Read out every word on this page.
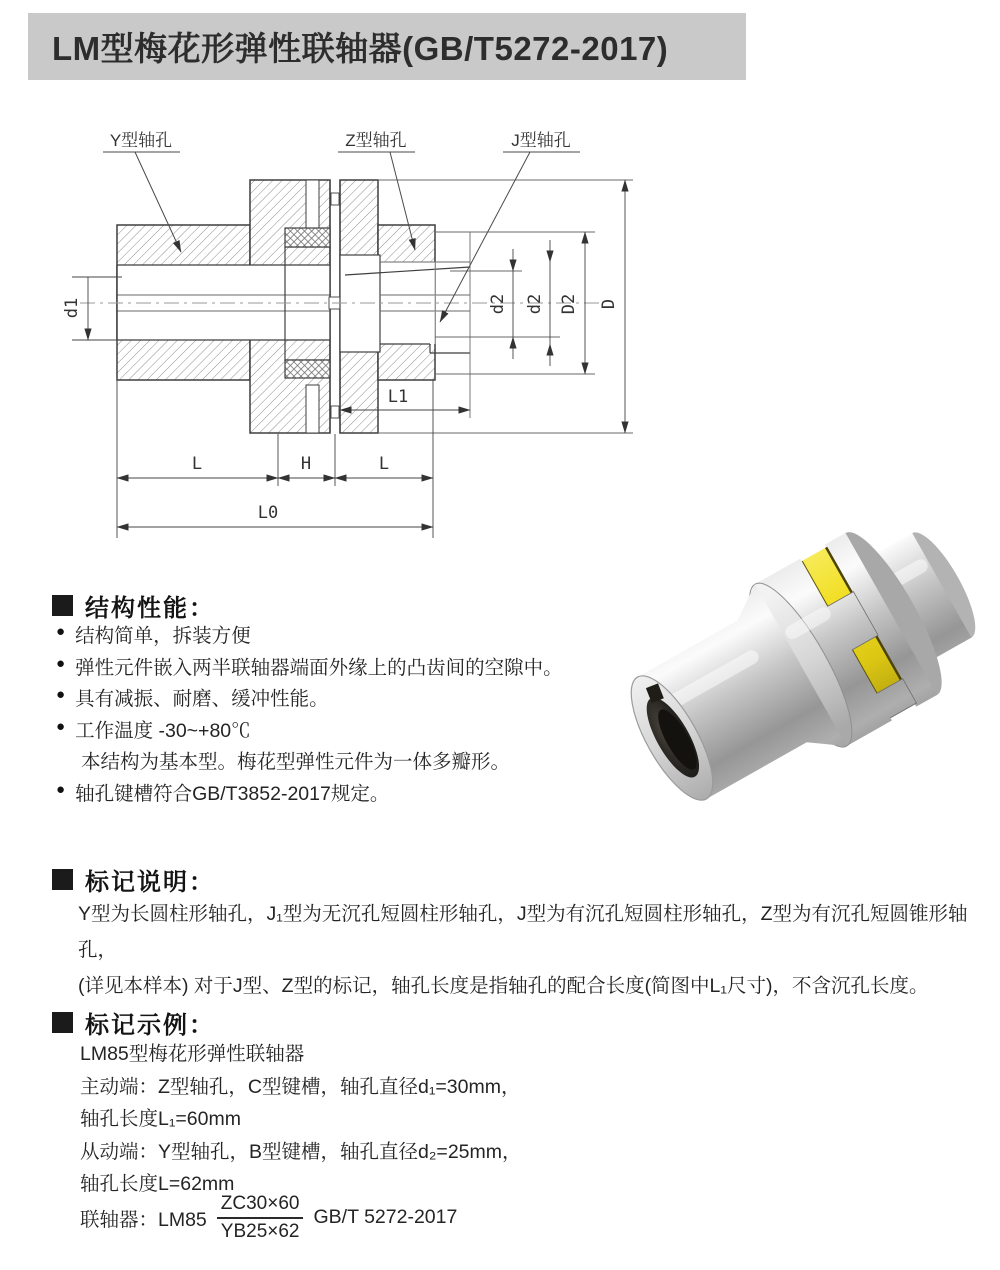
LM型梅花形弹性联轴器(GB/T5272-2017)
Y型轴孔	Z型轴孔	J型轴孔
d1	d2 d2 D2 D
L1
L	H	L
L0
结构性能：
● 结构简单，拆装方便
● 弹性元件嵌入两半联轴器端面外缘上的凸齿间的空隙中。
● 具有减振、耐磨、缓冲性能。
● 工作温度 -30~+80℃
本结构为基本型。梅花型弹性元件为一体多瓣形。
● 轴孔键槽符合GB/T3852-2017规定。
标记说明：
Y型为长圆柱形轴孔，J₁型为无沉孔短圆柱形轴孔，J型为有沉孔短圆柱形轴孔，Z型为有沉孔短圆锥形轴孔，
(详见本样本) 对于J型、Z型的标记，轴孔长度是指轴孔的配合长度(简图中L₁尺寸)，不含沉孔长度。
标记示例：
LM85型梅花形弹性联轴器
主动端：Z型轴孔，C型键槽，轴孔直径d₁=30mm，
轴孔长度L₁=60mm
从动端：Y型轴孔，B型键槽，轴孔直径d₂=25mm，
轴孔长度L=62mm
联轴器：$LM85 \frac{ZC30\times 60}{YB25\times 62} GB/T$ 5272-2017
